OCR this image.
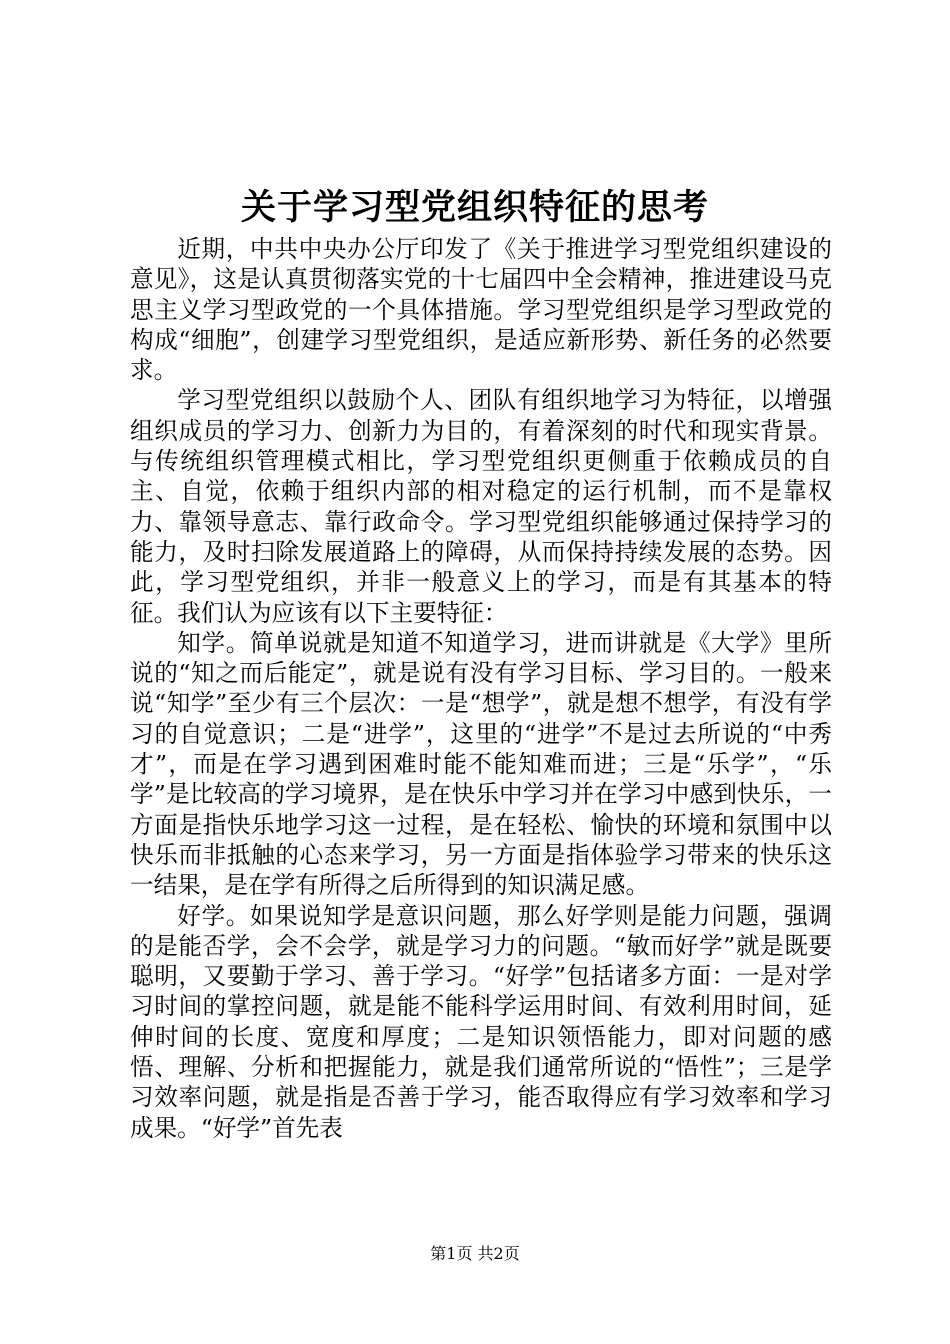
关于学习型党组织特征的思考

近期，中共中央办公厅印发了《关于推进学习型党组织建设的意见》，这是认真贯彻落实党的十七届四中全会精神，推进建设马克思主义学习型政党的一个具体措施。学习型党组织是学习型政党的构成“细胞”，创建学习型党组织，是适应新形势、新任务的必然要求。

学习型党组织以鼓励个人、团队有组织地学习为特征，以增强组织成员的学习力、创新力为目的，有着深刻的时代和现实背景。与传统组织管理模式相比，学习型党组织更侧重于依赖成员的自主、自觉，依赖于组织内部的相对稳定的运行机制，而不是靠权力、靠领导意志、靠行政命令。学习型党组织能够通过保持学习的能力，及时扫除发展道路上的障碍，从而保持持续发展的态势。因此，学习型党组织，并非一般意义上的学习，而是有其基本的特征。我们认为应该有以下主要特征：

知学。简单说就是知道不知道学习，进而讲就是《大学》里所说的“知之而后能定”，就是说有没有学习目标、学习目的。一般来说“知学”至少有三个层次：一是“想学”，就是想不想学，有没有学习的自觉意识；二是“进学”，这里的“进学”不是过去所说的“中秀才”，而是在学习遇到困难时能不能知难而进；三是“乐学”，“乐学”是比较高的学习境界，是在快乐中学习并在学习中感到快乐，一方面是指快乐地学习这一过程，是在轻松、愉快的环境和氛围中以快乐而非抵触的心态来学习，另一方面是指体验学习带来的快乐这一结果，是在学有所得之后所得到的知识满足感。

好学。如果说知学是意识问题，那么好学则是能力问题，强调的是能否学，会不会学，就是学习力的问题。“敏而好学”就是既要聪明，又要勤于学习、善于学习。“好学”包括诸多方面：一是对学习时间的掌控问题，就是能不能科学运用时间、有效利用时间，延伸时间的长度、宽度和厚度；二是知识领悟能力，即对问题的感悟、理解、分析和把握能力，就是我们通常所说的“悟性”；三是学习效率问题，就是指是否善于学习，能否取得应有学习效率和学习成果。“好学”首先表

第1页 共2页
